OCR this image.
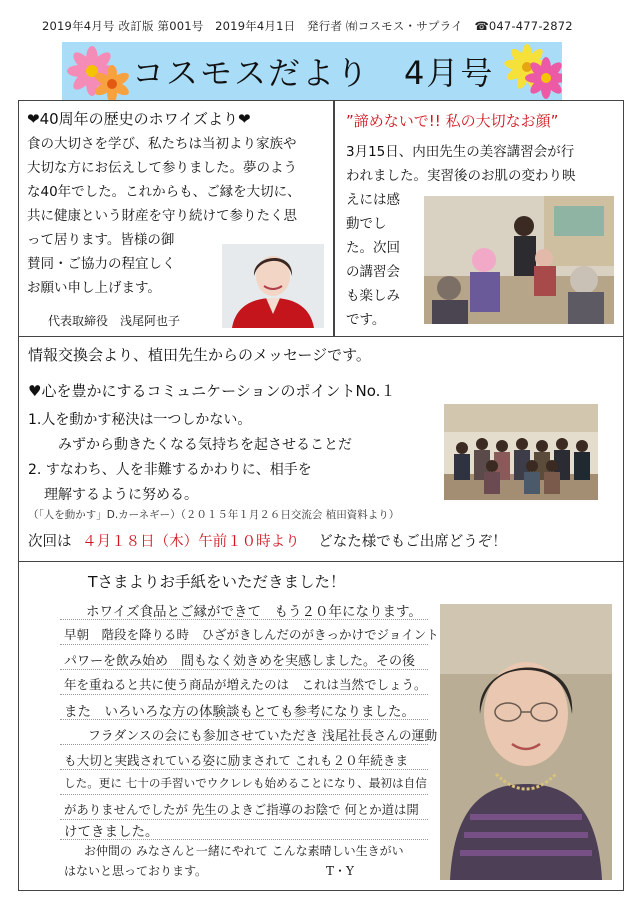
2019年4月号 改訂版 第001号　2019年4月1日　発行者 ㈲コスモス・サプライ　☎047-477-2872
コスモスだより　4月号
❤40周年の歴史のホワイズより❤
食の大切さを学び、私たちは当初より家族や
大切な方にお伝えして参りました。夢のよう
な40年でした。これからも、ご縁を大切に、
共に健康という財産を守り続けて参りたく思
って居ります。皆様の御
賛同・ご協力の程宜しく
お願い申し上げます。
代表取締役　浅尾阿也子
”諦めないで!! 私の大切なお顔”
3月15日、内田先生の美容講習会が行
われました。実習後のお肌の変わり映
えには感
動でし
た。次回
の講習会
も楽しみ
です。
情報交換会より、植田先生からのメッセージです。
♥心を豊かにするコミュニケーションのポイントNo.１
1.人を動かす秘決は一つしかない。
みずから動きたくなる気持ちを起させることだ
2. すなわち、人を非難するかわりに、相手を
理解するように努める。
（「人を動かす」D.カーネギー）（２０１５年１月２６日交流会 植田資料より）
次回は ４月１８日（木）午前１０時より どなた様でもご出席どうぞ！
Tさまよりお手紙をいただきました！
ホワイズ食品とご縁ができて　もう２０年になります。
早朝　階段を降りる時　ひざがきしんだのがきっかけでジョイント
パワーを飲み始め　間もなく効きめを実感しました。その後
年を重ねると共に使う商品が増えたのは　これは当然でしょう。
また　いろいろな方の体験談もとても参考になりました。
フラダンスの会にも参加させていただき 浅尾社長さんの運動
も大切と実践されている姿に励まされて これも２０年続きま
した。更に 七十の手習いでウクレレも始めることになり、最初は自信
がありませんでしたが 先生のよきご指導のお陰で 何とか道は開
けてきました。
お仲間の みなさんと一緒にやれて こんな素晴しい生きがい
T・Y
はないと思っております。
